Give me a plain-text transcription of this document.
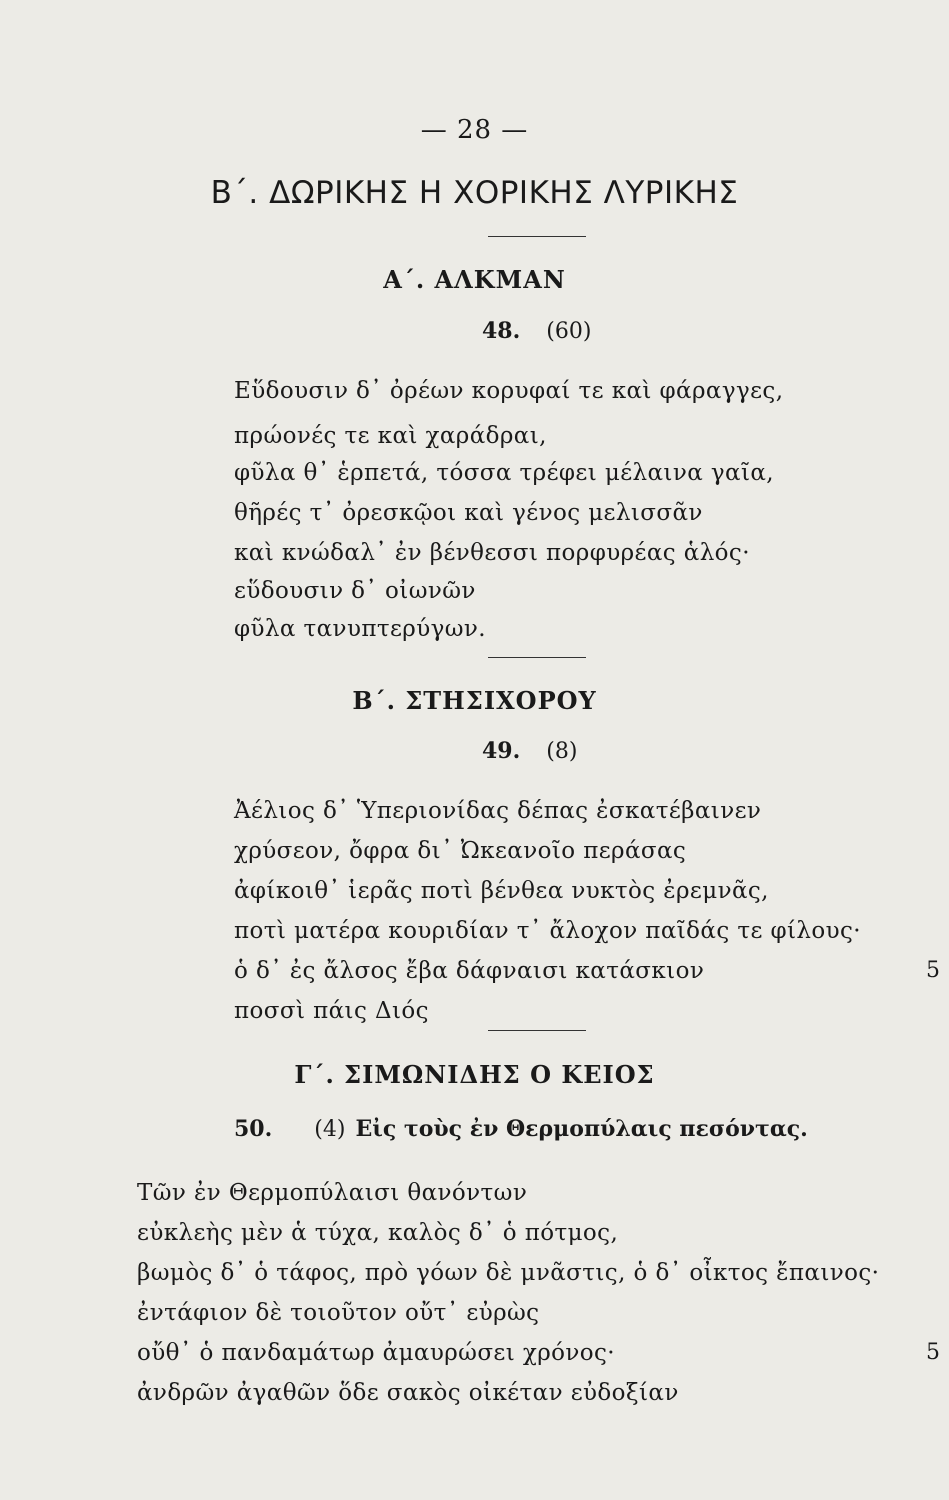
— 28 —
Β΄. ΔΩΡΙΚΗΣ Η ΧΟΡΙΚΗΣ ΛΥΡΙΚΗΣ
Α΄. ΑΛΚΜΑΝ
48. (60)
Εὕδουσιν δ᾽ ὀρέων κορυφαί τε καὶ φάραγγες,
πρώονές τε καὶ χαράδραι,
φῦλα θ᾽ ἑρπετά, τόσσα τρέφει μέλαινα γαῖα,
θῆρές τ᾽ ὀρεσκῷοι καὶ γένος μελισσᾶν
καὶ κνώδαλ᾽ ἐν βένθεσσι πορφυρέας ἁλός·
εὕδουσιν δ᾽ οἰωνῶν
φῦλα τανυπτερύγων.
Β΄. ΣΤΗΣΙΧΟΡΟΥ
49. (8)
Ἀέλιος δ᾽ Ὑπεριονίδας δέπας ἐσκατέβαινεν
χρύσεον, ὄφρα δι᾽ Ὠκεανοῖο περάσας
ἀφίκοιθ᾽ ἱερᾶς ποτὶ βένθεα νυκτὸς ἐρεμνᾶς,
ποτὶ ματέρα κουριδίαν τ᾽ ἄλοχον παῖδάς τε φίλους·
ὁ δ᾽ ἐς ἄλσος ἔβα δάφναισι κατάσκιον	5
ποσσὶ πάις Διός
Γ΄. ΣΙΜΩΝΙΔΗΣ Ο ΚΕΙΟΣ
50. (4) Εἰς τοὺς ἐν Θερμοπύλαις πεσόντας.
Τῶν ἐν Θερμοπύλαισι θανόντων
εὐκλεὴς μὲν ἁ τύχα, καλὸς δ᾽ ὁ πότμος,
βωμὸς δ᾽ ὁ τάφος, πρὸ γόων δὲ μνᾶστις, ὁ δ᾽ οἶκτος ἔπαινος·
ἐντάφιον δὲ τοιοῦτον οὔτ᾽ εὐρὼς
οὔθ᾽ ὁ πανδαμάτωρ ἀμαυρώσει χρόνος·	5
ἀνδρῶν ἀγαθῶν ὅδε σακὸς οἰκέταν εὐδοξίαν
